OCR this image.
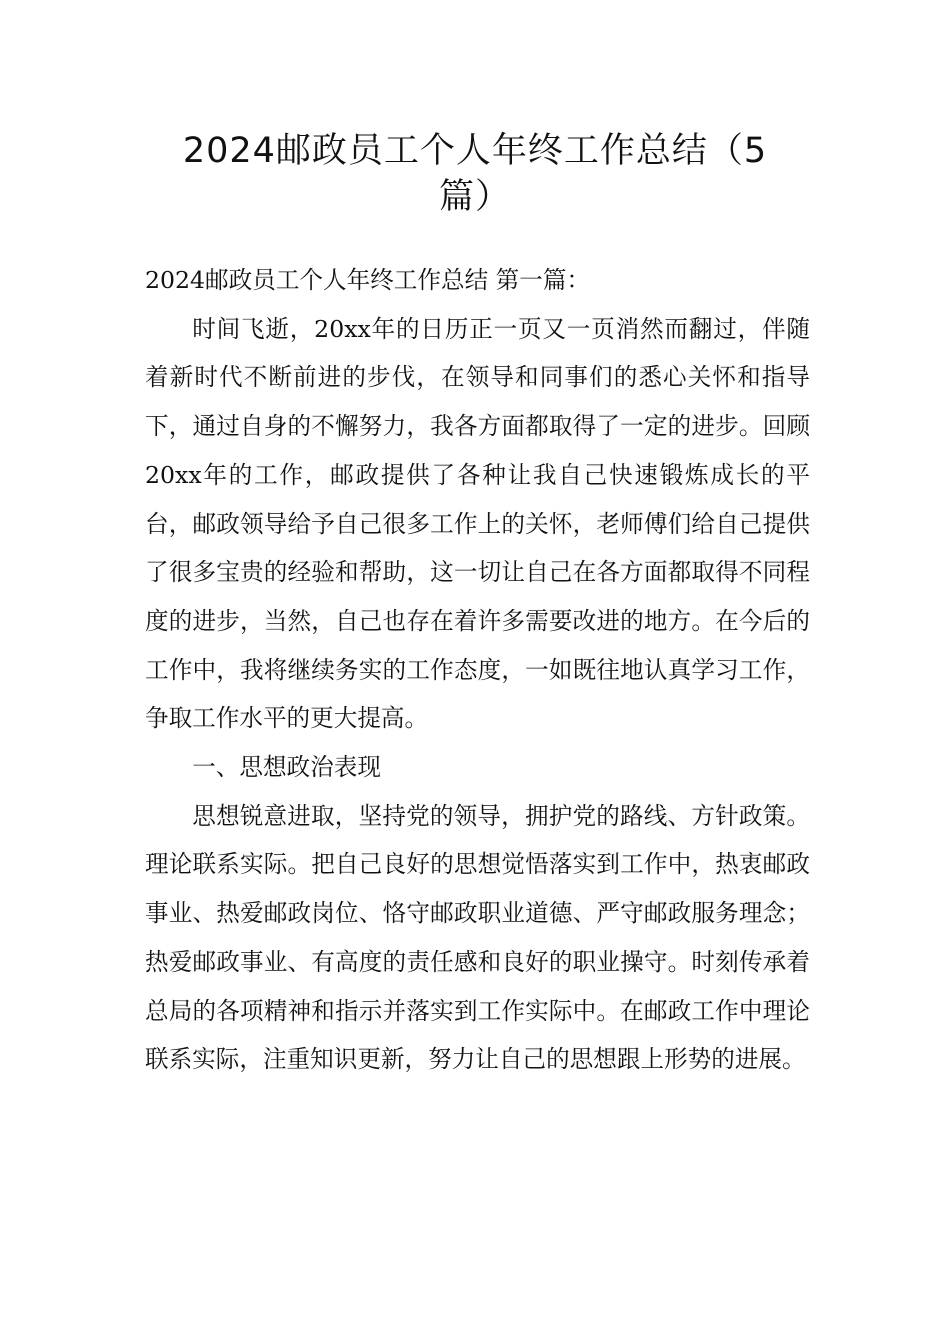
2024邮政员工个人年终工作总结（5
篇）

2024邮政员工个人年终工作总结 第一篇：

时间飞逝，20xx年的日历正一页又一页消然而翻过，伴随着新时代不断前进的步伐，在领导和同事们的悉心关怀和指导下，通过自身的不懈努力，我各方面都取得了一定的进步。回顾20xx年的工作，邮政提供了各种让我自己快速锻炼成长的平台，邮政领导给予自己很多工作上的关怀，老师傅们给自己提供了很多宝贵的经验和帮助，这一切让自己在各方面都取得不同程度的进步，当然，自己也存在着许多需要改进的地方。在今后的工作中，我将继续务实的工作态度，一如既往地认真学习工作，争取工作水平的更大提高。

一、思想政治表现

思想锐意进取，坚持党的领导，拥护党的路线、方针政策。理论联系实际。把自己良好的思想觉悟落实到工作中，热衷邮政事业、热爱邮政岗位、恪守邮政职业道德、严守邮政服务理念；热爱邮政事业、有高度的责任感和良好的职业操守。时刻传承着总局的各项精神和指示并落实到工作实际中。在邮政工作中理论联系实际，注重知识更新，努力让自己的思想跟上形势的进展。
